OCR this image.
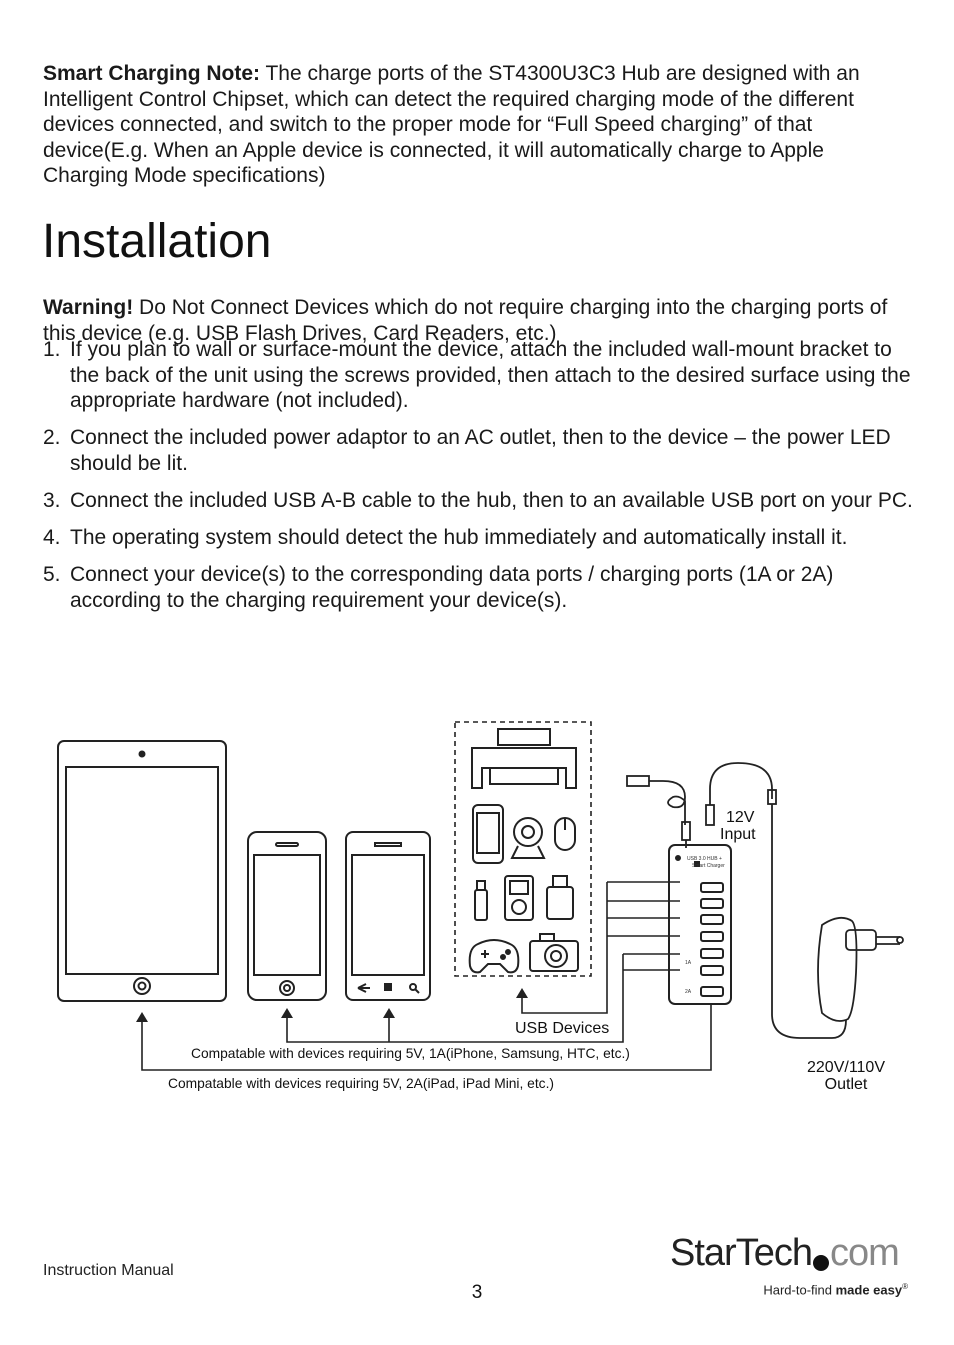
Smart Charging Note: The charge ports of the ST4300U3C3 Hub are designed with an Intelligent Control Chipset, which can detect the required charging mode of the different devices connected, and switch to the proper mode for “Full Speed charging” of that device(E.g. When an Apple device is connected, it will automatically charge to Apple Charging Mode specifications)

Installation

Warning! Do Not Connect Devices which do not require charging into the charging ports of this device (e.g. USB Flash Drives, Card Readers, etc.)

1. If you plan to wall or surface-mount the device, attach the included wall-mount bracket to the back of the unit using the screws provided, then attach to the desired surface using the appropriate hardware (not included).
2. Connect the included power adaptor to an AC outlet, then to the device – the power LED should be lit.
3. Connect the included USB A-B cable to the hub, then to an available USB port on your PC.
4. The operating system should detect the hub immediately and automatically install it.
5. Connect your device(s) to the corresponding data ports / charging ports (1A or 2A) according to the charging requirement your device(s).
USB 3.0 HUB +
Smart Charger
1A
2A
12V
Input
USB Devices
Compatable with devices requiring 5V, 1A(iPhone, Samsung, HTC, etc.)
Compatable with devices requiring 5V, 2A(iPad, iPad Mini, etc.)
220V/110V
Outlet
Instruction Manual
3
StarTech com
Hard-to-find made easy®
